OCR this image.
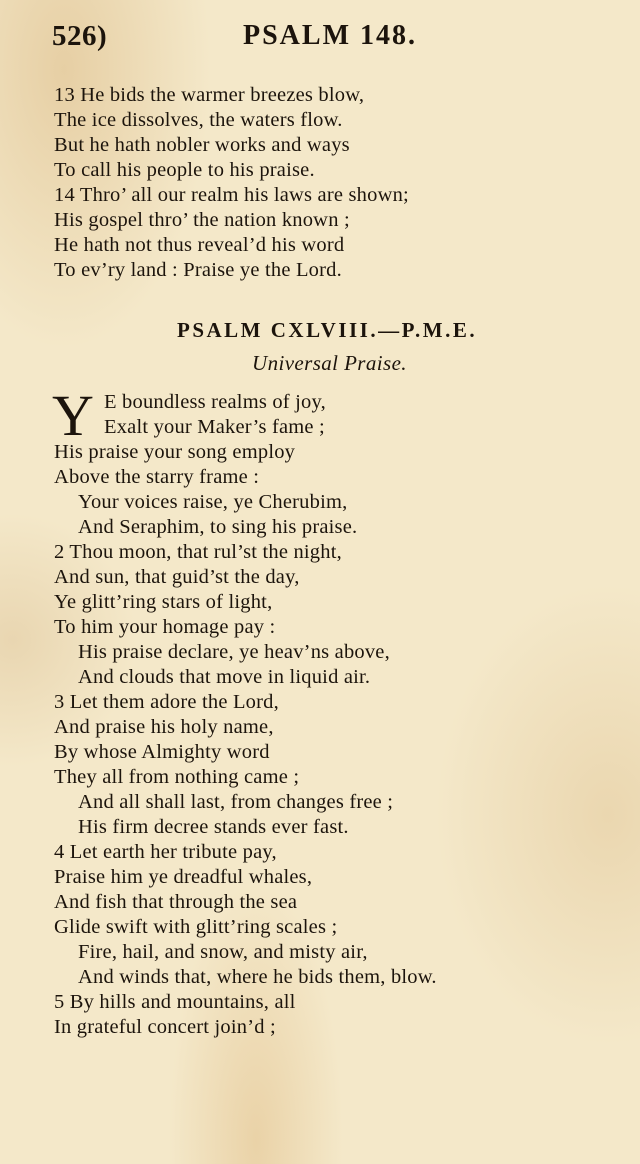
526)	PSALM 148.
13 He bids the warmer breezes blow,
The ice dissolves, the waters flow.
But he hath nobler works and ways
To call his people to his praise.
14 Thro’ all our realm his laws are shown;
His gospel thro’ the nation known ;
He hath not thus reveal’d his word
To ev’ry land : Praise ye the Lord.
PSALM CXLVIII.—P.M.E.
Universal Praise.
Y E boundless realms of joy,
Exalt your Maker’s fame ;
His praise your song employ
Above the starry frame :
Your voices raise, ye Cherubim,
And Seraphim, to sing his praise.
2 Thou moon, that rul’st the night,
And sun, that guid’st the day,
Ye glitt’ring stars of light,
To him your homage pay :
His praise declare, ye heav’ns above,
And clouds that move in liquid air.
3 Let them adore the Lord,
And praise his holy name,
By whose Almighty word
They all from nothing came ;
And all shall last, from changes free ;
His firm decree stands ever fast.
4 Let earth her tribute pay,
Praise him ye dreadful whales,
And fish that through the sea
Glide swift with glitt’ring scales ;
Fire, hail, and snow, and misty air,
And winds that, where he bids them, blow.
5 By hills and mountains, all
In grateful concert join’d ;
